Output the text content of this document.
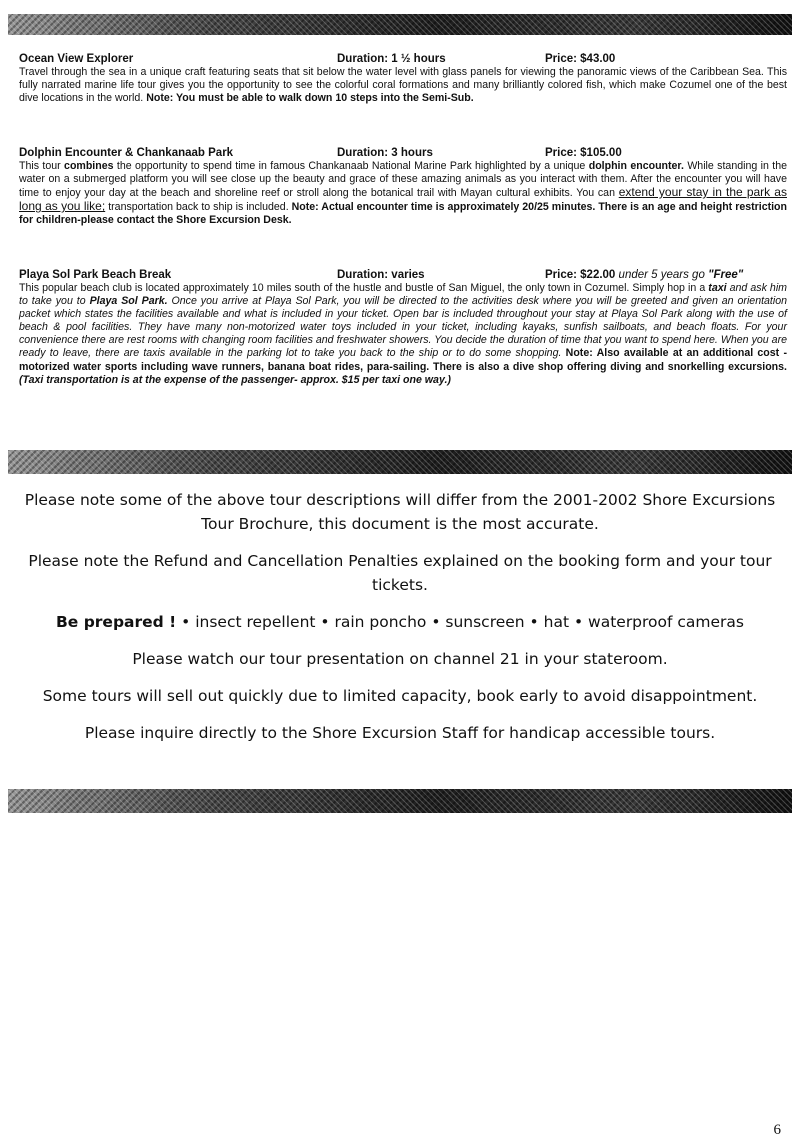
Ocean View Explorer	Duration: 1 ½ hours	Price: $43.00

Travel through the sea in a unique craft featuring seats that sit below the water level with glass panels for viewing the panoramic views of the Caribbean Sea. This fully narrated marine life tour gives you the opportunity to see the colorful coral formations and many brilliantly colored fish, which make Cozumel one of the best dive locations in the world. Note: You must be able to walk down 10 steps into the Semi-Sub.

Dolphin Encounter & Chankanaab Park	Duration: 3 hours	Price: $105.00

This tour combines the opportunity to spend time in famous Chankanaab National Marine Park highlighted by a unique dolphin encounter. While standing in the water on a submerged platform you will see close up the beauty and grace of these amazing animals as you interact with them. After the encounter you will have time to enjoy your day at the beach and shoreline reef or stroll along the botanical trail with Mayan cultural exhibits. You can extend your stay in the park as long as you like; transportation back to ship is included. Note: Actual encounter time is approximately 20/25 minutes. There is an age and height restriction for children-please contact the Shore Excursion Desk.

Playa Sol Park Beach Break	Duration: varies	Price: $22.00 under 5 years go "Free"

This popular beach club is located approximately 10 miles south of the hustle and bustle of San Miguel, the only town in Cozumel. Simply hop in a taxi and ask him to take you to Playa Sol Park. Once you arrive at Playa Sol Park, you will be directed to the activities desk where you will be greeted and given an orientation packet which states the facilities available and what is included in your ticket. Open bar is included throughout your stay at Playa Sol Park along with the use of beach & pool facilities. They have many non-motorized water toys included in your ticket, including kayaks, sunfish sailboats, and beach floats. For your convenience there are rest rooms with changing room facilities and freshwater showers. You decide the duration of time that you want to spend here. When you are ready to leave, there are taxis available in the parking lot to take you back to the ship or to do some shopping. Note: Also available at an additional cost -motorized water sports including wave runners, banana boat rides, para-sailing. There is also a dive shop offering diving and snorkelling excursions. (Taxi transportation is at the expense of the passenger- approx. $15 per taxi one way.)

Please note some of the above tour descriptions will differ from the 2001-2002 Shore Excursions Tour Brochure, this document is the most accurate.

Please note the Refund and Cancellation Penalties explained on the booking form and your tour tickets.

Be prepared ! • insect repellent • rain poncho • sunscreen • hat • waterproof cameras

Please watch our tour presentation on channel 21 in your stateroom.

Some tours will sell out quickly due to limited capacity, book early to avoid disappointment.

Please inquire directly to the Shore Excursion Staff for handicap accessible tours.

6
